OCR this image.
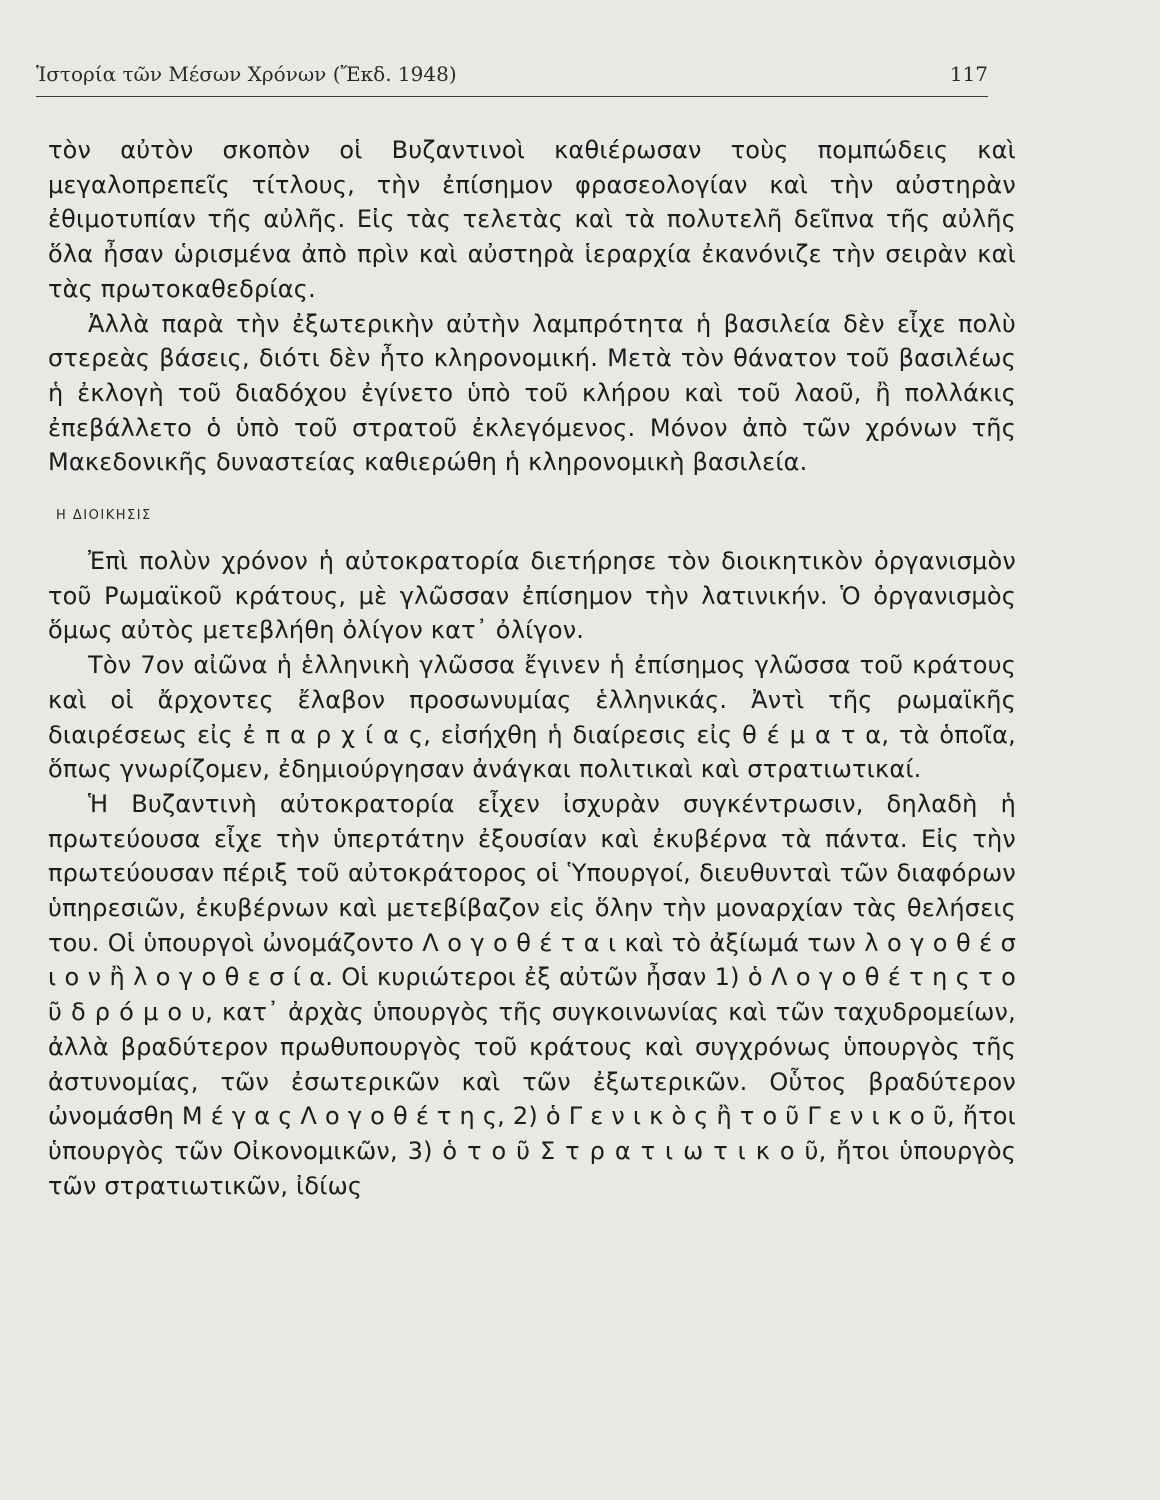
Ἱστορία τῶν Μέσων Χρόνων (Ἔκδ. 1948)	117

τὸν αὐτὸν σκοπὸν οἱ Βυζαντινοὶ καθιέρωσαν τοὺς πομπώδεις καὶ μεγαλοπρεπεῖς τίτλους, τὴν ἐπίσημον φρασεολογίαν καὶ τὴν αὐστηρὰν ἐθιμοτυπίαν τῆς αὐλῆς. Εἰς τὰς τελετὰς καὶ τὰ πολυτελῆ δεῖπνα τῆς αὐλῆς ὅλα ἦσαν ὡρισμένα ἀπὸ πρὶν καὶ αὐστηρὰ ἱεραρχία ἐκανόνιζε τὴν σειρὰν καὶ τὰς πρωτοκαθεδρίας.

Ἀλλὰ παρὰ τὴν ἐξωτερικὴν αὐτὴν λαμπρότητα ἡ βασιλεία δὲν εἶχε πολὺ στερεὰς βάσεις, διότι δὲν ἦτο κληρονομική. Μετὰ τὸν θάνατον τοῦ βασιλέως ἡ ἐκλογὴ τοῦ διαδόχου ἐγίνετο ὑπὸ τοῦ κλήρου καὶ τοῦ λαοῦ, ἢ πολλάκις ἐπεβάλλετο ὁ ὑπὸ τοῦ στρατοῦ ἐκλεγόμενος. Μόνον ἀπὸ τῶν χρόνων τῆς Μακεδονικῆς δυναστείας καθιερώθη ἡ κληρονομικὴ βασιλεία.

Η ΔΙΟΙΚΗΣΙΣ

Ἐπὶ πολὺν χρόνον ἡ αὐτοκρατορία διετήρησε τὸν διοικητικὸν ὀργανισμὸν τοῦ Ρωμαϊκοῦ κράτους, μὲ γλῶσσαν ἐπίσημον τὴν λατινικήν. Ὁ ὀργανισμὸς ὅμως αὐτὸς μετεβλήθη ὀλίγον κατ᾽ ὀλίγον.

Τὸν 7ον αἰῶνα ἡ ἑλληνικὴ γλῶσσα ἔγινεν ἡ ἐπίσημος γλῶσσα τοῦ κράτους καὶ οἱ ἄρχοντες ἔλαβον προσωνυμίας ἑλληνικάς. Ἀντὶ τῆς ρωμαϊκῆς διαιρέσεως εἰς ἐ π α ρ χ ί α ς, εἰσήχθη ἡ διαίρεσις εἰς θ έ μ α τ α, τὰ ὁποῖα, ὅπως γνωρίζομεν, ἐδημιούργησαν ἀνάγκαι πολιτικαὶ καὶ στρατιωτικαί.

Ἡ Βυζαντινὴ αὐτοκρατορία εἶχεν ἰσχυρὰν συγκέντρωσιν, δηλαδὴ ἡ πρωτεύουσα εἶχε τὴν ὑπερτάτην ἐξουσίαν καὶ ἐκυβέρνα τὰ πάντα. Εἰς τὴν πρωτεύουσαν πέριξ τοῦ αὐτοκράτορος οἱ Ὑπουργοί, διευθυνταὶ τῶν διαφόρων ὑπηρεσιῶν, ἐκυβέρνων καὶ μετεβίβαζον εἰς ὅλην τὴν μοναρχίαν τὰς θελήσεις του. Οἱ ὑπουργοὶ ὠνομάζοντο Λ ο γ ο θ έ τ α ι καὶ τὸ ἀξίωμά των λ ο γ ο θ έ σ ι ο ν ἢ λ ο γ ο θ ε σ ί α. Οἱ κυριώτεροι ἐξ αὐτῶν ἦσαν 1) ὁ Λ ο γ ο θ έ τ η ς τ ο ῦ δ ρ ό μ ο υ, κατ᾽ ἀρχὰς ὑπουργὸς τῆς συγκοινωνίας καὶ τῶν ταχυδρομείων, ἀλλὰ βραδύτερον πρωθυπουργὸς τοῦ κράτους καὶ συγχρόνως ὑπουργὸς τῆς ἀστυνομίας, τῶν ἐσωτερικῶν καὶ τῶν ἐξωτερικῶν. Οὗτος βραδύτερον ὠνομάσθη Μ έ γ α ς Λ ο γ ο θ έ τ η ς, 2) ὁ Γ ε ν ι κ ὸ ς ἢ τ ο ῦ Γ ε ν ι κ ο ῦ, ἤτοι ὑπουργὸς τῶν Οἰκονομικῶν, 3) ὁ τ ο ῦ Σ τ ρ α τ ι ω τ ι κ ο ῦ, ἤτοι ὑπουργὸς τῶν στρατιωτικῶν, ἰδίως
